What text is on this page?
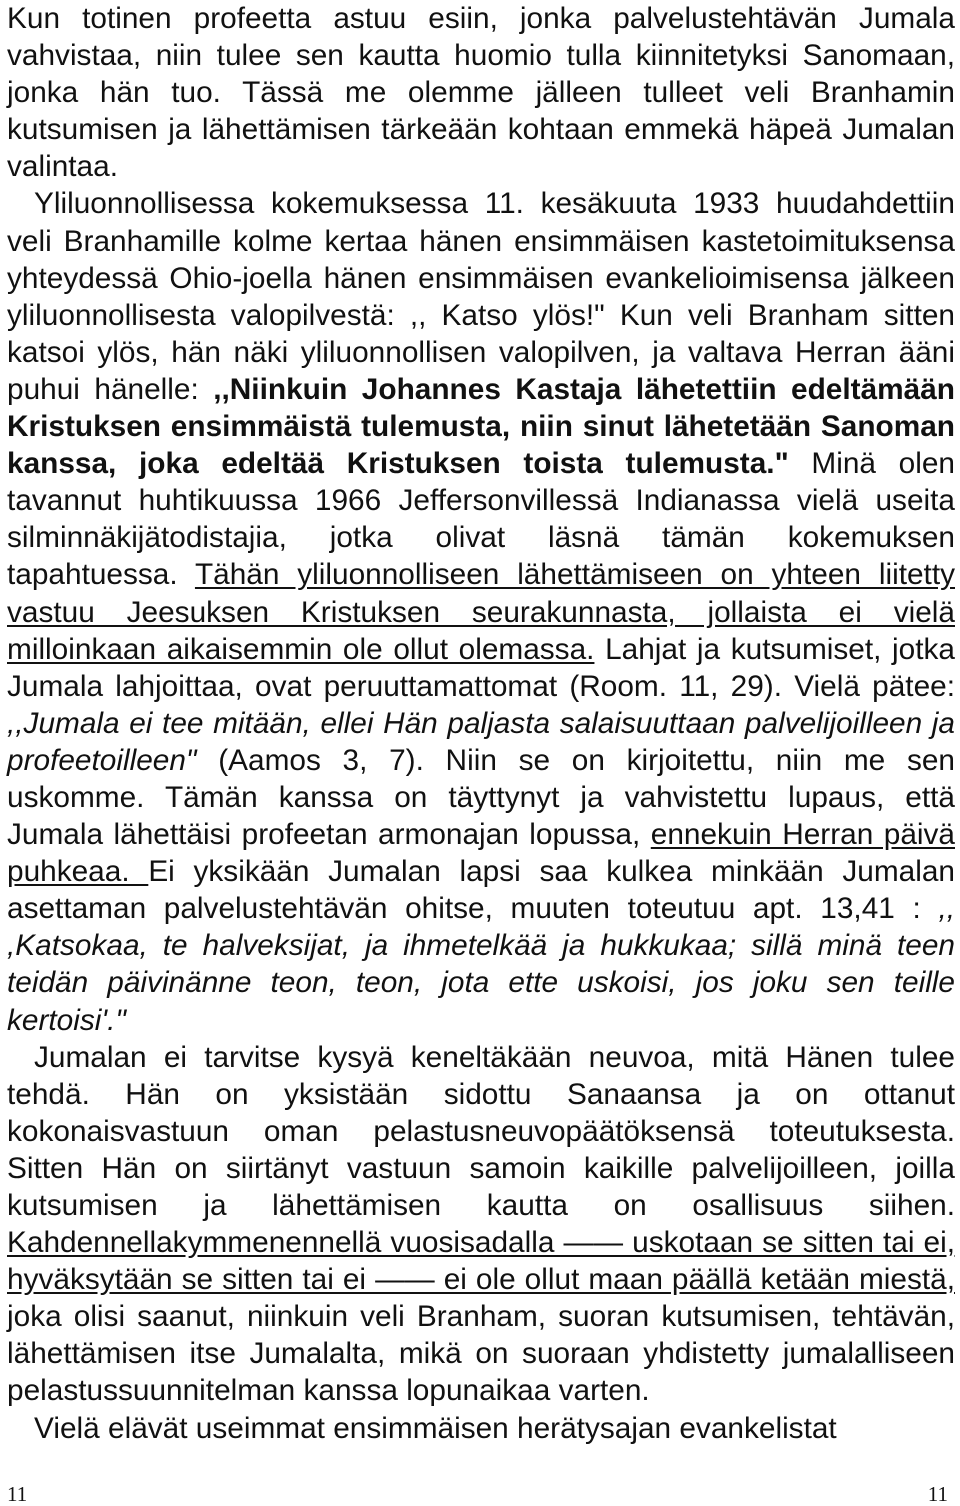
Kun totinen profeetta astuu esiin, jonka palvelustehtävän Jumala vahvistaa, niin tulee sen kautta huomio tulla kiinnitetyksi Sanomaan, jonka hän tuo. Tässä me olemme jälleen tulleet veli Branhamin kutsumisen ja lähettämisen tärkeään kohtaan emmekä häpeä Jumalan valintaa.

Yliluonnollisessa kokemuksessa 11. kesäkuuta 1933 huudahdettiin veli Branhamille kolme kertaa hänen ensimmäisen kastetoimituksensa yhteydessä Ohio-joella hänen ensimmäisen evankelioimisensa jälkeen yliluonnollisesta valopilvestä: ,, Katso ylös!" Kun veli Branham sitten katsoi ylös, hän näki yliluonnollisen valopilven, ja valtava Herran ääni puhui hänelle: ,,Niinkuin Johannes Kastaja lähetettiin edeltämään Kristuksen ensimmäistä tulemusta, niin sinut lähetetään Sanoman kanssa, joka edeltää Kristuksen toista tulemusta." Minä olen tavannut huhtikuussa 1966 Jeffersonvillessä Indianassa vielä useita silminnäkijätodistajia, jotka olivat läsnä tämän kokemuksen tapahtuessa. Tähän yliluonnolliseen lähettämiseen on yhteen liitetty vastuu Jeesuksen Kristuksen seurakunnasta, jollaista ei vielä milloinkaan aikaisemmin ole ollut olemassa. Lahjat ja kutsumiset, jotka Jumala lahjoittaa, ovat peruuttamattomat (Room. 11, 29). Vielä pätee: ,,Jumala ei tee mitään, ellei Hän paljasta salaisuuttaan palvelijoilleen ja profeetoilleen" (Aamos 3, 7). Niin se on kirjoitettu, niin me sen uskomme. Tämän kanssa on täyttynyt ja vahvistettu lupaus, että Jumala lähettäisi profeetan armonajan lopussa, ennekuin Herran päivä puhkeaa. Ei yksikään Jumalan lapsi saa kulkea minkään Jumalan asettaman palvelustehtävän ohitse, muuten toteutuu apt. 13,41 : ,, ,Katsokaa, te halveksijat, ja ihmetelkää ja hukkukaa; sillä minä teen teidän päivinänne teon, teon, jota ette uskoisi, jos joku sen teille kertoisi'."

Jumalan ei tarvitse kysyä keneltäkään neuvoa, mitä Hänen tulee tehdä. Hän on yksistään sidottu Sanaansa ja on ottanut kokonaisvastuun oman pelastusneuvopäätöksensä toteutuksesta. Sitten Hän on siirtänyt vastuun samoin kaikille palvelijoilleen, joilla kutsumisen ja lähettämisen kautta on osallisuus siihen. Kahdennellakymmenennellä vuosisadalla —— uskotaan se sitten tai ei, hyväksytään se sitten tai ei —— ei ole ollut maan päällä ketään miestä, joka olisi saanut, niinkuin veli Branham, suoran kutsumisen, tehtävän, lähettämisen itse Jumalalta, mikä on suoraan yhdistetty jumalalliseen pelastussuunnitelman kanssa lopunaikaa varten.

Vielä elävät useimmat ensimmäisen herätysajan evankelistat

11	11
